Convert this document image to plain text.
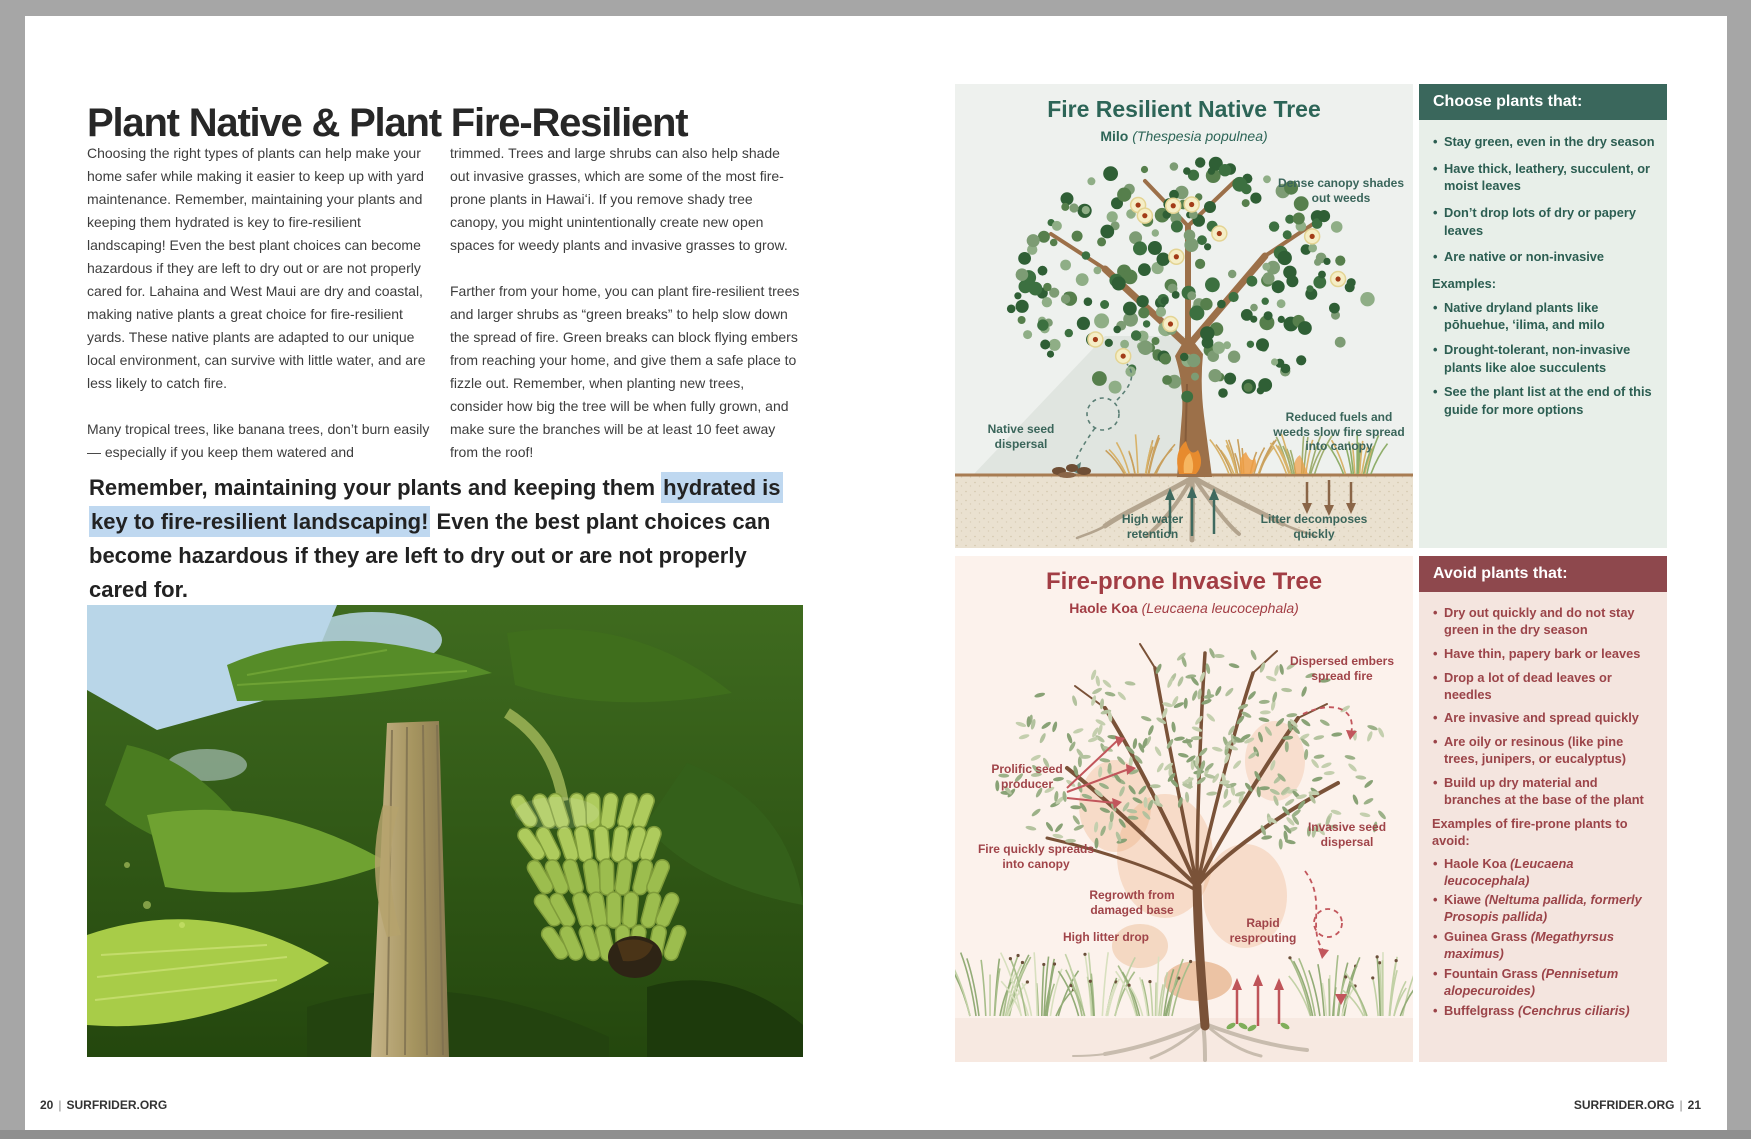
Plant Native & Plant Fire-Resilient

Choosing the right types of plants can help make your home safer while making it easier to keep up with yard maintenance. Remember, maintaining your plants and keeping them hydrated is key to fire-resilient landscaping! Even the best plant choices can become hazardous if they are left to dry out or are not properly cared for. Lahaina and West Maui are dry and coastal, making native plants a great choice for fire-resilient yards. These native plants are adapted to our unique local environment, can survive with little water, and are less likely to catch fire.

Many tropical trees, like banana trees, don’t burn easily — especially if you keep them watered and

trimmed. Trees and large shrubs can also help shade out invasive grasses, which are some of the most fire-prone plants in Hawaiʻi. If you remove shady tree canopy, you might unintentionally create new open spaces for weedy plants and invasive grasses to grow.

Farther from your home, you can plant fire-resilient trees and larger shrubs as “green breaks” to help slow down the spread of fire. Green breaks can block flying embers from reaching your home, and give them a safe place to fizzle out. Remember, when planting new trees, consider how big the tree will be when fully grown, and make sure the branches will be at least 10 feet away from the roof!

Remember, maintaining your plants and keeping them hydrated is key to fire-resilient landscaping! Even the best plant choices can become hazardous if they are left to dry out or are not properly cared for.
20 | SURFRIDER.ORG	SURFRIDER.ORG | 21
Fire Resilient Native Tree
Milo (Thespesia populnea)
Dense canopy shades out weeds
Native seed dispersal
Reduced fuels and weeds slow fire spread into canopy
High water retention
Litter decomposes quickly
Choose plants that:
• Stay green, even in the dry season
• Have thick, leathery, succulent, or moist leaves
• Don’t drop lots of dry or papery leaves
• Are native or non-invasive
Examples:
• Native dryland plants like pōhuehue, ʻilima, and milo
• Drought-tolerant, non-invasive plants like aloe succulents
• See the plant list at the end of this guide for more options
Fire-prone Invasive Tree
Haole Koa (Leucaena leucocephala)
Dispersed embers spread fire
Prolific seed producer
Fire quickly spreads into canopy
Regrowth from damaged base
High litter drop
Rapid resprouting
Invasive seed dispersal
Avoid plants that:
• Dry out quickly and do not stay green in the dry season
• Have thin, papery bark or leaves
• Drop a lot of dead leaves or needles
• Are invasive and spread quickly
• Are oily or resinous (like pine trees, junipers, or eucalyptus)
• Build up dry material and branches at the base of the plant
Examples of fire-prone plants to avoid:
• Haole Koa (Leucaena leucocephala)
• Kiawe (Neltuma pallida, formerly Prosopis pallida)
• Guinea Grass (Megathyrsus maximus)
• Fountain Grass (Pennisetum alopecuroides)
• Buffelgrass (Cenchrus ciliaris)
